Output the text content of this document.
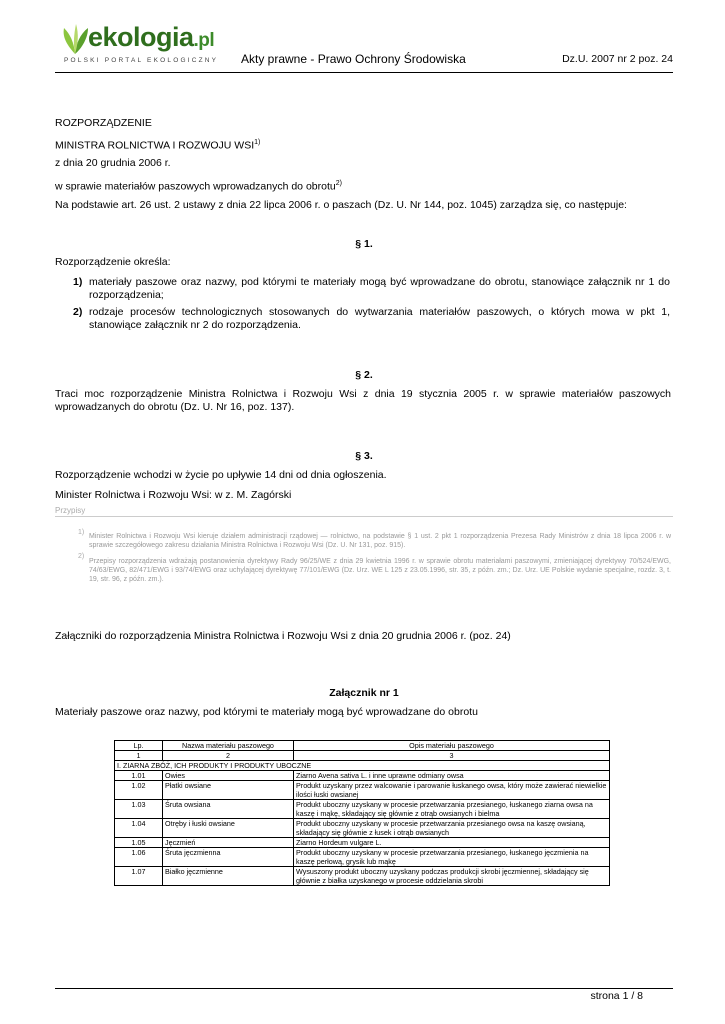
ekologia.pl
POLSKI PORTAL EKOLOGICZNY Akty prawne - Prawo Ochrony Środowiska	Dz.U. 2007 nr 2 poz. 24
ROZPORZĄDZENIE
MINISTRA ROLNICTWA I ROZWOJU WSI$^{1)}$
z dnia 20 grudnia 2006 r.
w sprawie materiałów paszowych wprowadzanych do obrotu$^{2)}$
Na podstawie art. 26 ust. 2 ustawy z dnia 22 lipca 2006 r. o paszach (Dz. U. Nr 144, poz. 1045) zarządza się, co następuje:
§ 1.
Rozporządzenie określa:
1) materiały paszowe oraz nazwy, pod którymi te materiały mogą być wprowadzane do obrotu, stanowiące załącznik nr 1 do rozporządzenia;
2) rodzaje procesów technologicznych stosowanych do wytwarzania materiałów paszowych, o których mowa w pkt 1, stanowiące załącznik nr 2 do rozporządzenia.
§ 2.
Traci moc rozporządzenie Ministra Rolnictwa i Rozwoju Wsi z dnia 19 stycznia 2005 r. w sprawie materiałów paszowych wprowadzanych do obrotu (Dz. U. Nr 16, poz. 137).
§ 3.
Rozporządzenie wchodzi w życie po upływie 14 dni od dnia ogłoszenia.
Minister Rolnictwa i Rozwoju Wsi: w z. M. Zagórski
Przypisy
1)
Minister Rolnictwa i Rozwoju Wsi kieruje działem administracji rządowej — rolnictwo, na podstawie § 1 ust. 2 pkt 1 rozporządzenia Prezesa Rady Ministrów z dnia 18 lipca 2006 r. w sprawie szczegółowego zakresu działania Ministra Rolnictwa i Rozwoju Wsi (Dz. U. Nr 131, poz. 915).
2)
Przepisy rozporządzenia wdrażają postanowienia dyrektywy Rady 96/25/WE z dnia 29 kwietnia 1996 r. w sprawie obrotu materiałami paszowymi, zmieniającej dyrektywy 70/524/EWG, 74/63/EWG, 82/471/EWG i 93/74/EWG oraz uchylającej dyrektywę 77/101/EWG (Dz. Urz. WE L 125 z 23.05.1996, str. 35, z późn. zm.; Dz. Urz. UE Polskie wydanie specjalne, rozdz. 3, t. 19, str. 96, z późn. zm.).
Załączniki do rozporządzenia Ministra Rolnictwa i Rozwoju Wsi z dnia 20 grudnia 2006 r. (poz. 24)
Załącznik nr 1
Materiały paszowe oraz nazwy, pod którymi te materiały mogą być wprowadzane do obrotu
Lp.	Nazwa materiału paszowego	Opis materiału paszowego
1	2	3
I. ZIARNA ZBÓŻ, ICH PRODUKTY I PRODUKTY UBOCZNE		
1.01	Owies	Ziarno Avena sativa L. i inne uprawne odmiany owsa
1.02	Płatki owsiane	Produkt uzyskany przez walcowanie i parowanie łuskanego owsa, który może zawierać niewielkie ilości łuski owsianej
1.03	Śruta owsiana	Produkt uboczny uzyskany w procesie przetwarzania przesianego, łuskanego ziarna owsa na kaszę i mąkę, składający się głównie z otrąb owsianych i bielma
1.04	Otręby i łuski owsiane	Produkt uboczny uzyskany w procesie przetwarzania przesianego owsa na kaszę owsianą, składający się głównie z łusek i otrąb owsianych
1.05	Jęczmień	Ziarno Hordeum vulgare L.
1.06	Śruta jęczmienna	Produkt uboczny uzyskany w procesie przetwarzania przesianego, łuskanego jęczmienia na kaszę perłową, grysik lub mąkę
1.07	Białko jęczmienne	Wysuszony produkt uboczny uzyskany podczas produkcji skrobi jęczmiennej, składający się głównie z białka uzyskanego w procesie oddzielania skrobi
strona 1 / 8
